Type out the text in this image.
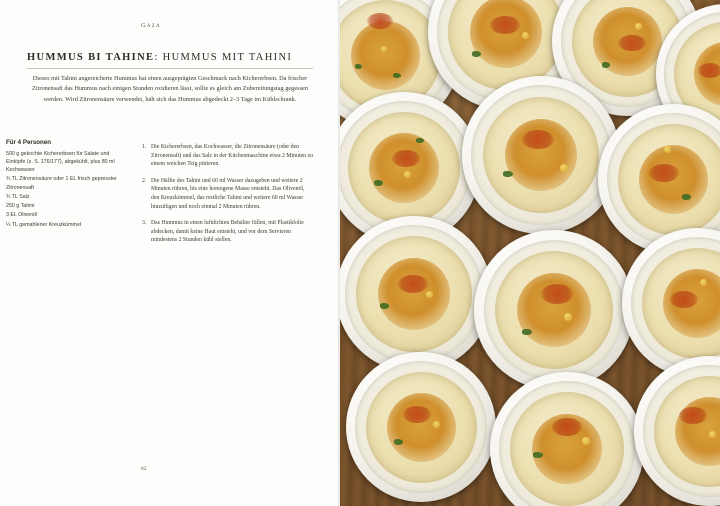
Gaza
HUMMUS BI TAHINE: HUMMUS MIT TAHINI
Dieses mit Tahini angereicherte Hummus hat einen ausgeprägten Geschmack nach Kichererbsen. Da frischer Zitronensaft das Hummus nach einigen Stunden oxidieren lässt, sollte es gleich am Zubereitungstag gegessen werden. Wird Zitronensäure verwendet, hält sich das Hummus abgedeckt 2–3 Tage im Kühlschrank.
Für 4 Personen
500 g gekochte Kichererbsen für Salate und Eintöpfe (s. S. 176/177), abgekühlt, plus 80 ml Kochwasser
¾ TL Zitronensäure oder 1 EL frisch gepresster Zitronensaft
¾ TL Salz
250 g Tahini
3 EL Olivenöl
¼ TL gemahlener Kreuzkümmel
1. Die Kichererbsen, das Kochwasser, die Zitronensäure (oder den Zitronensaft) und das Salz in der Küchenmaschine etwa 2 Minuten zu einem weichen Teig pürieren.
2. Die Hälfte des Tahini und 60 ml Wasser dazugeben und weitere 2 Minuten rühren, bis eine homogene Masse entsteht. Das Olivenöl, den Kreuzkümmel, das restliche Tahini und weitere 60 ml Wasser hinzufügen und noch einmal 2 Minuten rühren.
3. Das Hummus in einen luftdichten Behälter füllen, mit Plastikfolie abdecken, damit keine Haut entsteht, und vor dem Servieren mindestens 2 Stunden kühl stellen.
82
